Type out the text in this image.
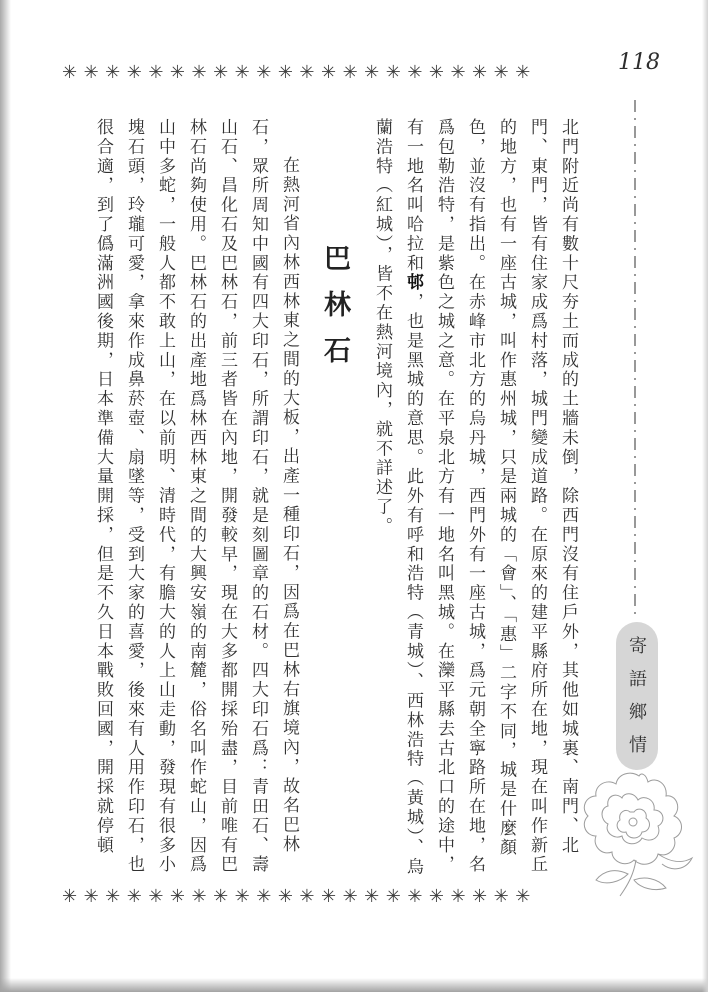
✳✳✳✳✳✳✳✳✳✳✳✳✳✳✳✳✳✳✳✳✳✳	118
寄語鄉情
北門附近尚有數十尺夯土而成的土牆未倒，除西門沒有住戶外，其他如城裏、南門、北
門、東門，皆有住家成爲村落，城門變成道路。在原來的建平縣府所在地，現在叫作新丘
的地方，也有一座古城，叫作惠州城，只是兩城的「會」、「惠」二字不同，城是什麼顏
色，並沒有指出。在赤峰市北方的烏丹城，西門外有一座古城，爲元朝全寧路所在地，名
爲包勒浩特，是紫色之城之意。在平泉北方有一地名叫黑城。在灤平縣去古北口的途中，
有一地名叫哈拉和邨，也是黑城的意思。此外有呼和浩特（青城）、西林浩特（黃城）、烏
蘭浩特（紅城），皆不在熱河境內，就不詳述了。
巴林石
在熱河省內林西林東之間的大板，出產一種印石，因爲在巴林右旗境內，故名巴林
石，眾所周知中國有四大印石，所謂印石，就是刻圖章的石材。四大印石爲：青田石、壽
山石、昌化石及巴林石，前三者皆在內地，開發較早，現在大多都開採殆盡，目前唯有巴
林石尚夠使用。巴林石的出產地爲林西林東之間的大興安嶺的南麓，俗名叫作蛇山，因爲
山中多蛇，一般人都不敢上山，在以前明、清時代，有膽大的人上山走動，發現有很多小
塊石頭，玲瓏可愛，拿來作成鼻菸壺、扇墜等，受到大家的喜愛，後來有人用作印石，也
很合適，到了僞滿洲國後期，日本準備大量開採，但是不久日本戰敗回國，開採就停頓
✳✳✳✳✳✳✳✳✳✳✳✳✳✳✳✳✳✳✳✳✳✳
